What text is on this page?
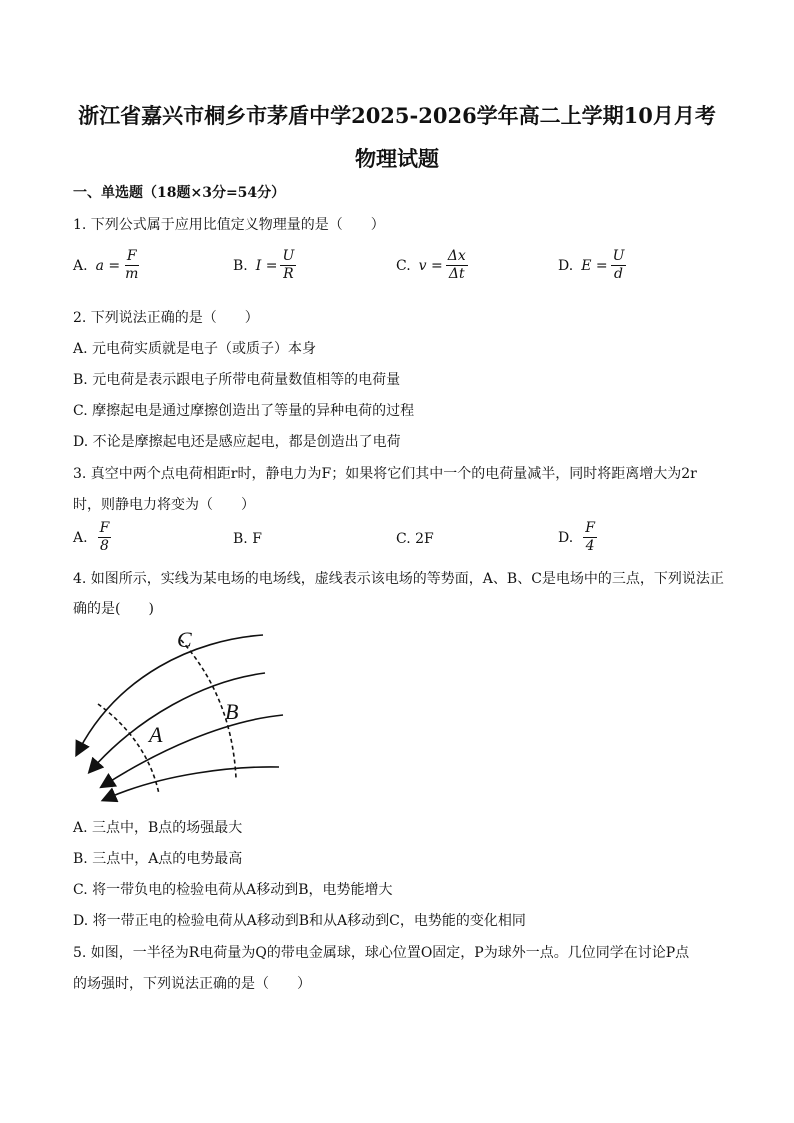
浙江省嘉兴市桐乡市茅盾中学2025-2026学年高二上学期10月月考
物理试题
一、单选题（18题×3分=54分）
1. 下列公式属于应用比值定义物理量的是（　　）
A. $a = \frac{F}{m}$	B. $I = \frac{U}{R}$	C. $v = \frac{\Delta x}{\Delta t}$	D. $E = \frac{U}{d}$
2. 下列说法正确的是（　　）
A. 元电荷实质就是电子（或质子）本身
B. 元电荷是表示跟电子所带电荷量数值相等的电荷量
C. 摩擦起电是通过摩擦创造出了等量的异种电荷的过程
D. 不论是摩擦起电还是感应起电，都是创造出了电荷
3. 真空中两个点电荷相距r时，静电力为F；如果将它们其中一个的电荷量减半，同时将距离增大为2r
时，则静电力将变为（　　）
A. $\frac{F}{8}$	B. F	C. 2F	D. $\frac{F}{4}$
4. 如图所示，实线为某电场的电场线，虚线表示该电场的等势面，A、B、C是电场中的三点，下列说法正
确的是(　　)
C
B
A
A. 三点中，B点的场强最大
B. 三点中，A点的电势最高
C. 将一带负电的检验电荷从A移动到B，电势能增大
D. 将一带正电的检验电荷从A移动到B和从A移动到C，电势能的变化相同
5. 如图，一半径为R电荷量为Q的带电金属球，球心位置O固定，P为球外一点。几位同学在讨论P点
的场强时，下列说法正确的是（　　）
